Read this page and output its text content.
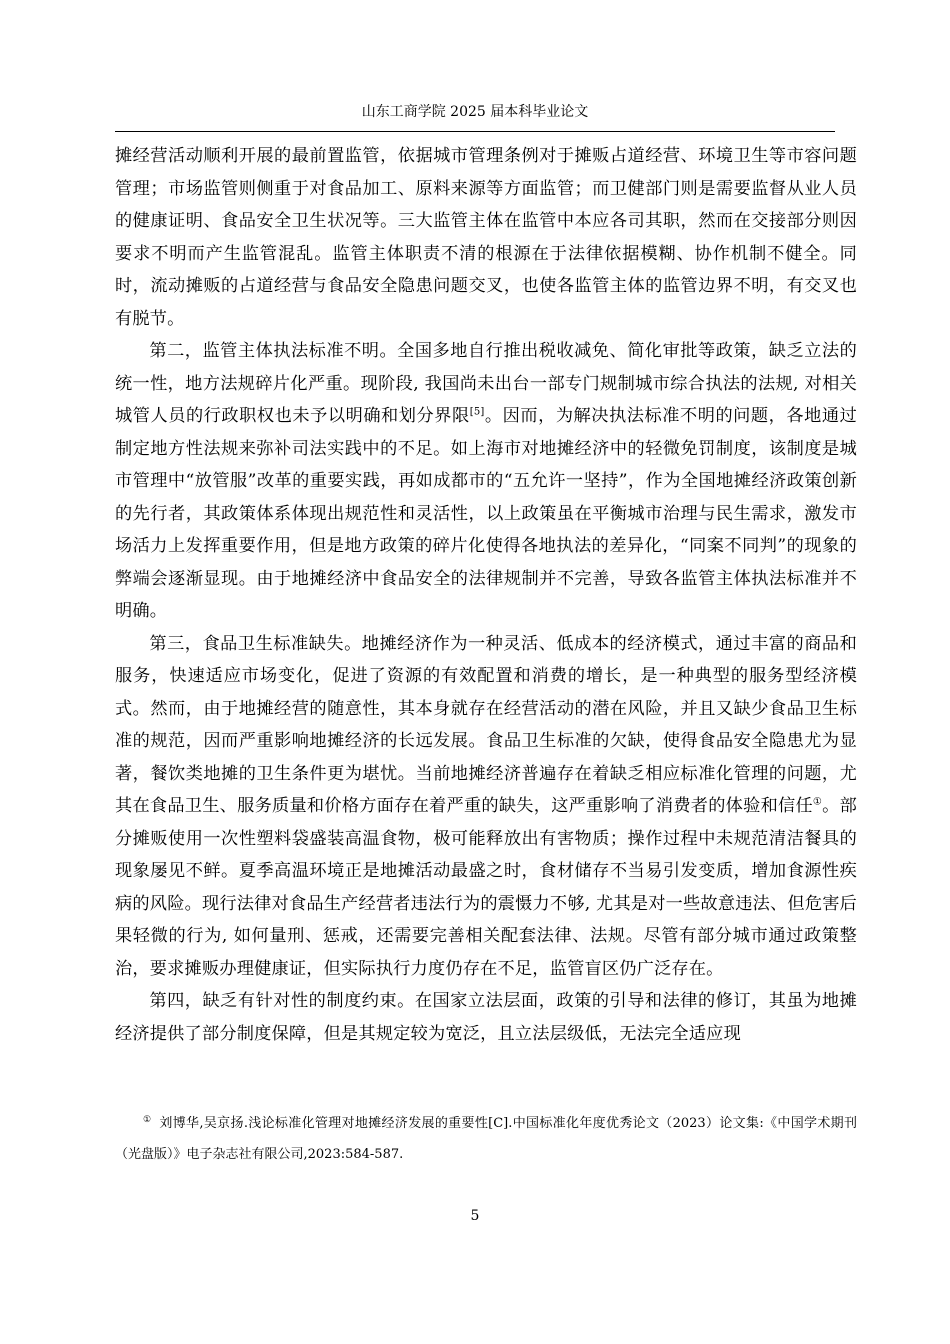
山东工商学院 2025 届本科毕业论文

摊经营活动顺利开展的最前置监管，依据城市管理条例对于摊贩占道经营、环境卫生等市容问题管理；市场监管则侧重于对食品加工、原料来源等方面监管；而卫健部门则是需要监督从业人员的健康证明、食品安全卫生状况等。三大监管主体在监管中本应各司其职，然而在交接部分则因要求不明而产生监管混乱。监管主体职责不清的根源在于法律依据模糊、协作机制不健全。同时，流动摊贩的占道经营与食品安全隐患问题交叉，也使各监管主体的监管边界不明，有交叉也有脱节。

第二，监管主体执法标准不明。全国多地自行推出税收减免、简化审批等政策，缺乏立法的统一性，地方法规碎片化严重。现阶段, 我国尚未出台一部专门规制城市综合执法的法规, 对相关城管人员的行政职权也未予以明确和划分界限[5]。因而，为解决执法标准不明的问题，各地通过制定地方性法规来弥补司法实践中的不足。如上海市对地摊经济中的轻微免罚制度，该制度是城市管理中“放管服”改革的重要实践，再如成都市的“五允许一坚持”，作为全国地摊经济政策创新的先行者，其政策体系体现出规范性和灵活性，以上政策虽在平衡城市治理与民生需求，激发市场活力上发挥重要作用，但是地方政策的碎片化使得各地执法的差异化，“同案不同判”的现象的弊端会逐渐显现。由于地摊经济中食品安全的法律规制并不完善，导致各监管主体执法标准并不明确。

第三，食品卫生标准缺失。地摊经济作为一种灵活、低成本的经济模式，通过丰富的商品和服务，快速适应市场变化，促进了资源的有效配置和消费的增长，是一种典型的服务型经济模式。然而，由于地摊经营的随意性，其本身就存在经营活动的潜在风险，并且又缺少食品卫生标准的规范，因而严重影响地摊经济的长远发展。食品卫生标准的欠缺，使得食品安全隐患尤为显著，餐饮类地摊的卫生条件更为堪忧。当前地摊经济普遍存在着缺乏相应标准化管理的问题，尤其在食品卫生、服务质量和价格方面存在着严重的缺失，这严重影响了消费者的体验和信任①。部分摊贩使用一次性塑料袋盛装高温食物，极可能释放出有害物质；操作过程中未规范清洁餐具的现象屡见不鲜。夏季高温环境正是地摊活动最盛之时，食材储存不当易引发变质，增加食源性疾病的风险。现行法律对食品生产经营者违法行为的震慑力不够, 尤其是对一些故意违法、但危害后果轻微的行为, 如何量刑、惩戒，还需要完善相关配套法律、法规。尽管有部分城市通过政策整治，要求摊贩办理健康证，但实际执行力度仍存在不足，监管盲区仍广泛存在。

第四，缺乏有针对性的制度约束。在国家立法层面，政策的引导和法律的修订，其虽为地摊经济提供了部分制度保障，但是其规定较为宽泛，且立法层级低，无法完全适应现

① 刘博华,吴京扬.浅论标准化管理对地摊经济发展的重要性[C].中国标准化年度优秀论文（2023）论文集:《中国学术期刊（光盘版）》电子杂志社有限公司,2023:584-587.
5
